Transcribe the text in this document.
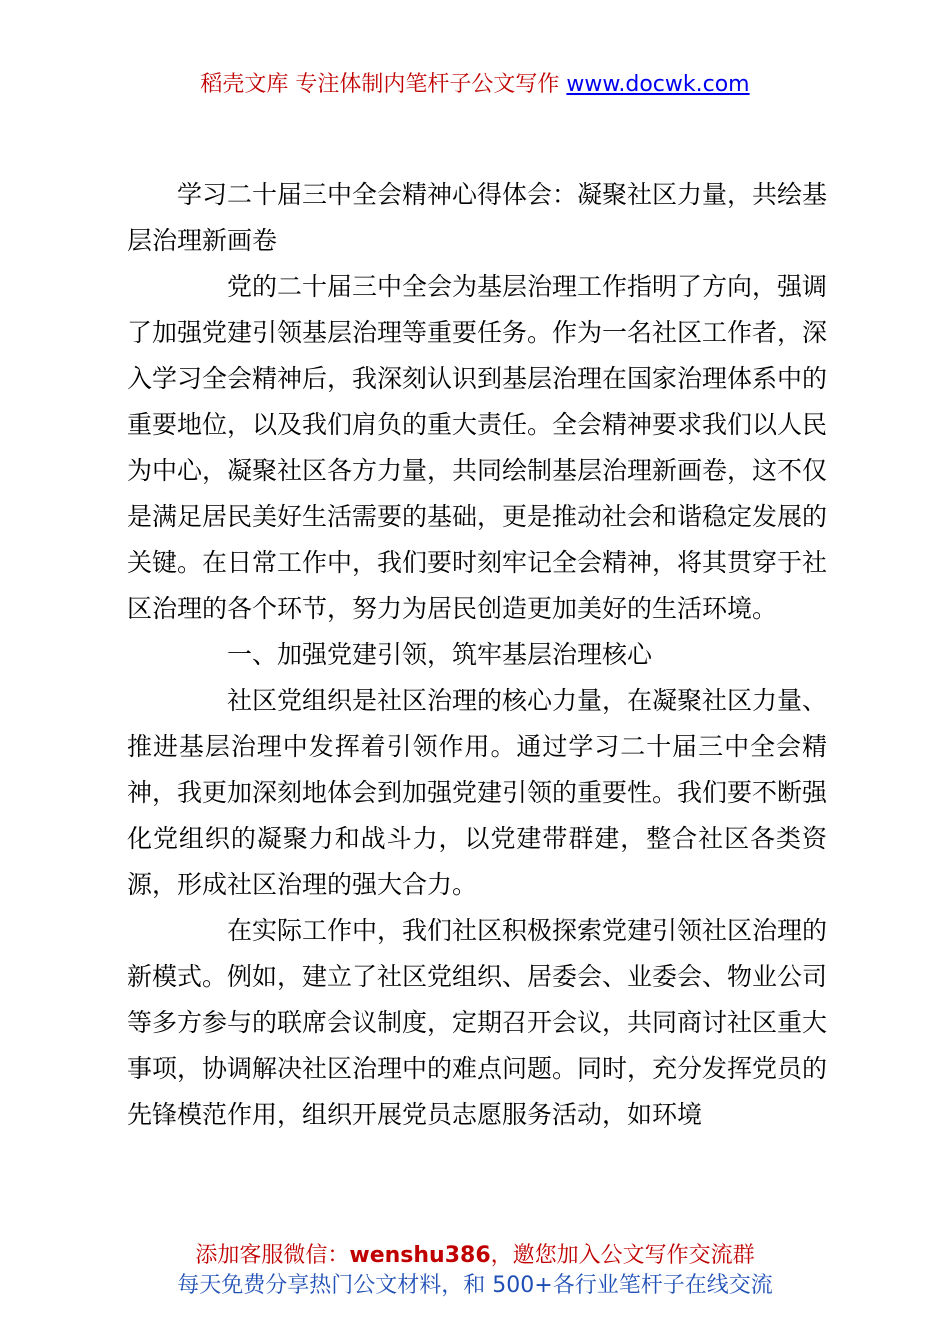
稻壳文库 专注体制内笔杆子公文写作 www.docwk.com

学习二十届三中全会精神心得体会：凝聚社区力量，共绘基层治理新画卷

党的二十届三中全会为基层治理工作指明了方向，强调了加强党建引领基层治理等重要任务。作为一名社区工作者，深入学习全会精神后，我深刻认识到基层治理在国家治理体系中的重要地位，以及我们肩负的重大责任。全会精神要求我们以人民为中心，凝聚社区各方力量，共同绘制基层治理新画卷，这不仅是满足居民美好生活需要的基础，更是推动社会和谐稳定发展的关键。在日常工作中，我们要时刻牢记全会精神，将其贯穿于社区治理的各个环节，努力为居民创造更加美好的生活环境。

一、加强党建引领，筑牢基层治理核心

社区党组织是社区治理的核心力量，在凝聚社区力量、推进基层治理中发挥着引领作用。通过学习二十届三中全会精神，我更加深刻地体会到加强党建引领的重要性。我们要不断强化党组织的凝聚力和战斗力，以党建带群建，整合社区各类资源，形成社区治理的强大合力。

在实际工作中，我们社区积极探索党建引领社区治理的新模式。例如，建立了社区党组织、居委会、业委会、物业公司等多方参与的联席会议制度，定期召开会议，共同商讨社区重大事项，协调解决社区治理中的难点问题。同时，充分发挥党员的先锋模范作用，组织开展党员志愿服务活动，如环境

添加客服微信：wenshu386，邀您加入公文写作交流群
每天免费分享热门公文材料，和 500+各行业笔杆子在线交流
